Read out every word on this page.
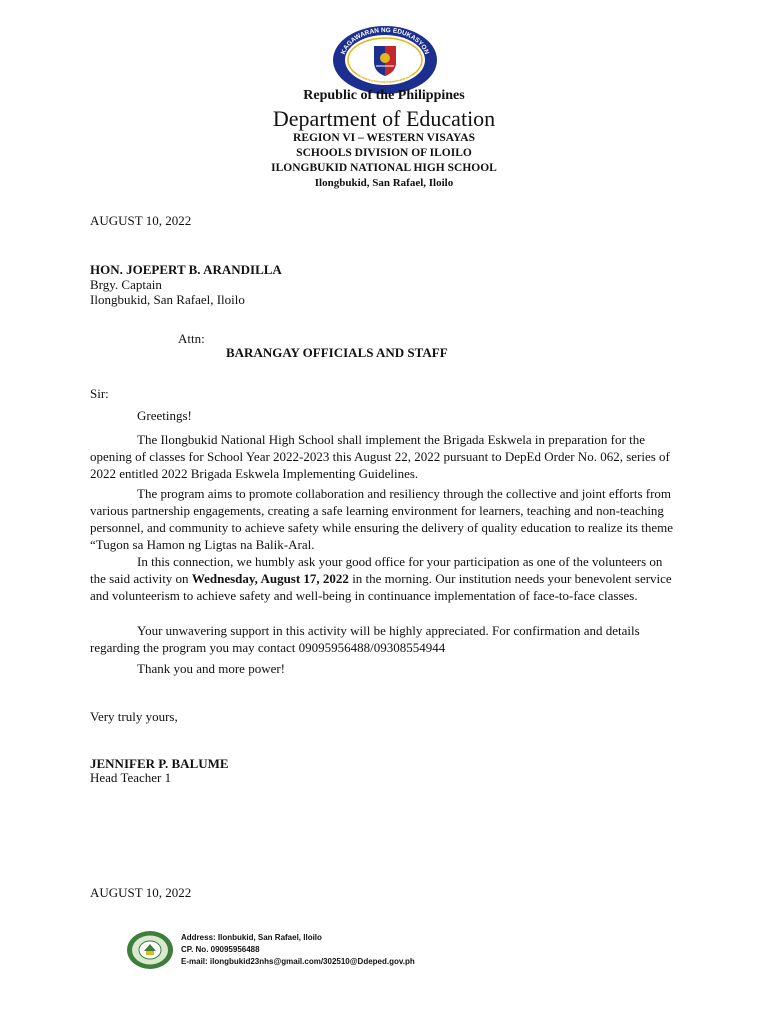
KAGAWARAN NG EDUKASYON
REPUBLIKA NG PILIPINAS
Republic of the Philippines
Department of Education
REGION VI – WESTERN VISAYAS
SCHOOLS DIVISION OF ILOILO
ILONGBUKID NATIONAL HIGH SCHOOL
Ilongbukid, San Rafael, Iloilo
AUGUST 10, 2022
HON. JOEPERT B. ARANDILLA
Brgy. Captain
Ilongbukid, San Rafael, Iloilo
Attn:
BARANGAY OFFICIALS AND STAFF
Sir:
Greetings!
The Ilongbukid National High School shall implement the Brigada Eskwela in preparation for the opening of classes for School Year 2022-2023 this August 22, 2022 pursuant to DepEd Order No. 062, series of 2022 entitled 2022 Brigada Eskwela Implementing Guidelines.
The program aims to promote collaboration and resiliency through the collective and joint efforts from various partnership engagements, creating a safe learning environment for learners, teaching and non-teaching personnel, and community to achieve safety while ensuring the delivery of quality education to realize its theme “Tugon sa Hamon ng Ligtas na Balik-Aral.
In this connection, we humbly ask your good office for your participation as one of the volunteers on the said activity on Wednesday, August 17, 2022 in the morning. Our institution needs your benevolent service and volunteerism to achieve safety and well-being in continuance implementation of face-to-face classes.
Your unwavering support in this activity will be highly appreciated. For confirmation and details regarding the program you may contact 09095956488/09308554944
Thank you and more power!
Very truly yours,
JENNIFER P. BALUME
Head Teacher 1
AUGUST 10, 2022
Address: Ilonbukid, San Rafael, Iloilo
CP. No. 09095956488
E-mail: ilongbukid23nhs@gmail.com/302510@Ddeped.gov.ph
